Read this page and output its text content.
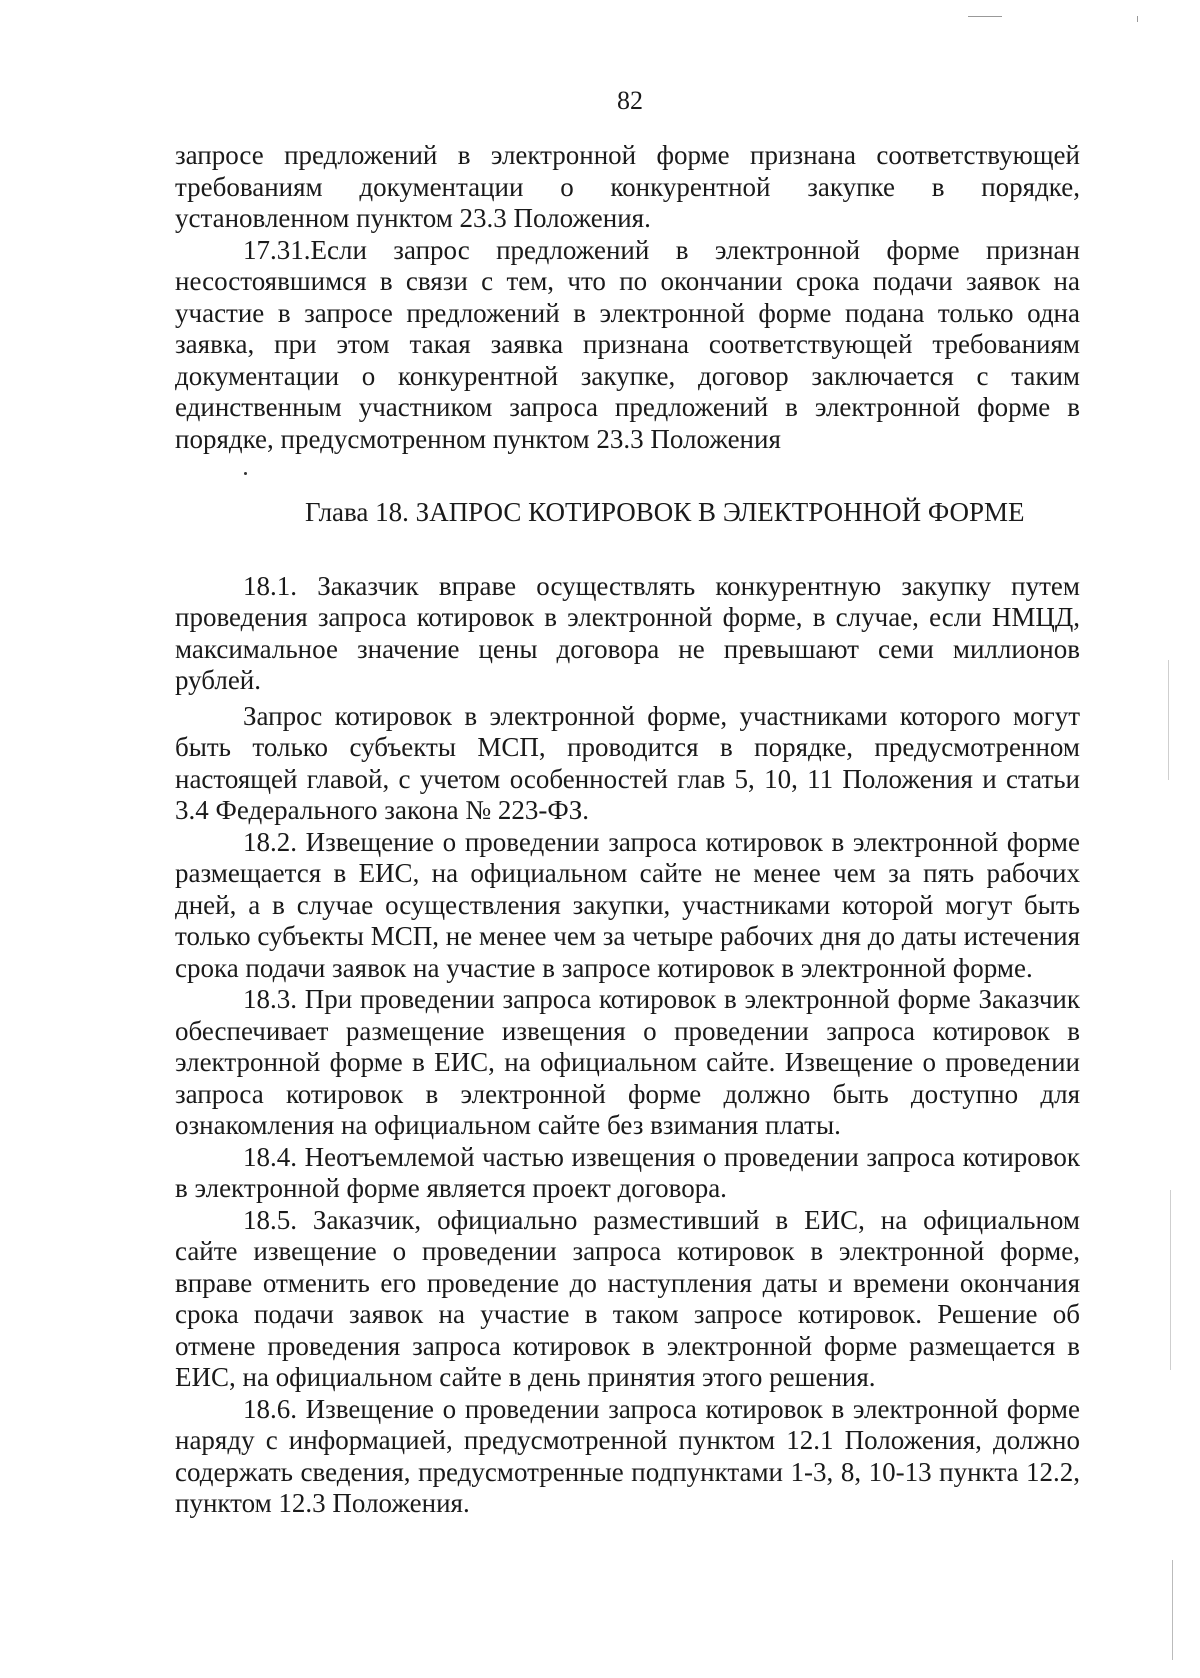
82

запросе предложений в электронной форме признана соответствующей требованиям документации о конкурентной закупке в порядке, установленном пунктом 23.3 Положения.

17.31.Если запрос предложений в электронной форме признан несостоявшимся в связи с тем, что по окончании срока подачи заявок на участие в запросе предложений в электронной форме подана только одна заявка, при этом такая заявка признана соответствующей требованиям документации о конкурентной закупке, договор заключается с таким единственным участником запроса предложений в электронной форме в порядке, предусмотренном пунктом 23.3 Положения

Глава 18. ЗАПРОС КОТИРОВОК В ЭЛЕКТРОННОЙ ФОРМЕ

18.1. Заказчик вправе осуществлять конкурентную закупку путем проведения запроса котировок в электронной форме, в случае, если НМЦД, максимальное значение цены договора не превышают семи миллионов рублей.

Запрос котировок в электронной форме, участниками которого могут быть только субъекты МСП, проводится в порядке, предусмотренном настоящей главой, с учетом особенностей глав 5, 10, 11 Положения и статьи 3.4 Федерального закона № 223-ФЗ.

18.2. Извещение о проведении запроса котировок в электронной форме размещается в ЕИС, на официальном сайте не менее чем за пять рабочих дней, а в случае осуществления закупки, участниками которой могут быть только субъекты МСП, не менее чем за четыре рабочих дня до даты истечения срока подачи заявок на участие в запросе котировок в электронной форме.

18.3. При проведении запроса котировок в электронной форме Заказчик обеспечивает размещение извещения о проведении запроса котировок в электронной форме в ЕИС, на официальном сайте. Извещение о проведении запроса котировок в электронной форме должно быть доступно для ознакомления на официальном сайте без взимания платы.

18.4. Неотъемлемой частью извещения о проведении запроса котировок в электронной форме является проект договора.

18.5. Заказчик, официально разместивший в ЕИС, на официальном сайте извещение о проведении запроса котировок в электронной форме, вправе отменить его проведение до наступления даты и времени окончания срока подачи заявок на участие в таком запросе котировок. Решение об отмене проведения запроса котировок в электронной форме размещается в ЕИС, на официальном сайте в день принятия этого решения.

18.6. Извещение о проведении запроса котировок в электронной форме наряду с информацией, предусмотренной пунктом 12.1 Положения, должно содержать сведения, предусмотренные подпунктами 1-3, 8, 10-13 пункта 12.2, пунктом 12.3 Положения.
